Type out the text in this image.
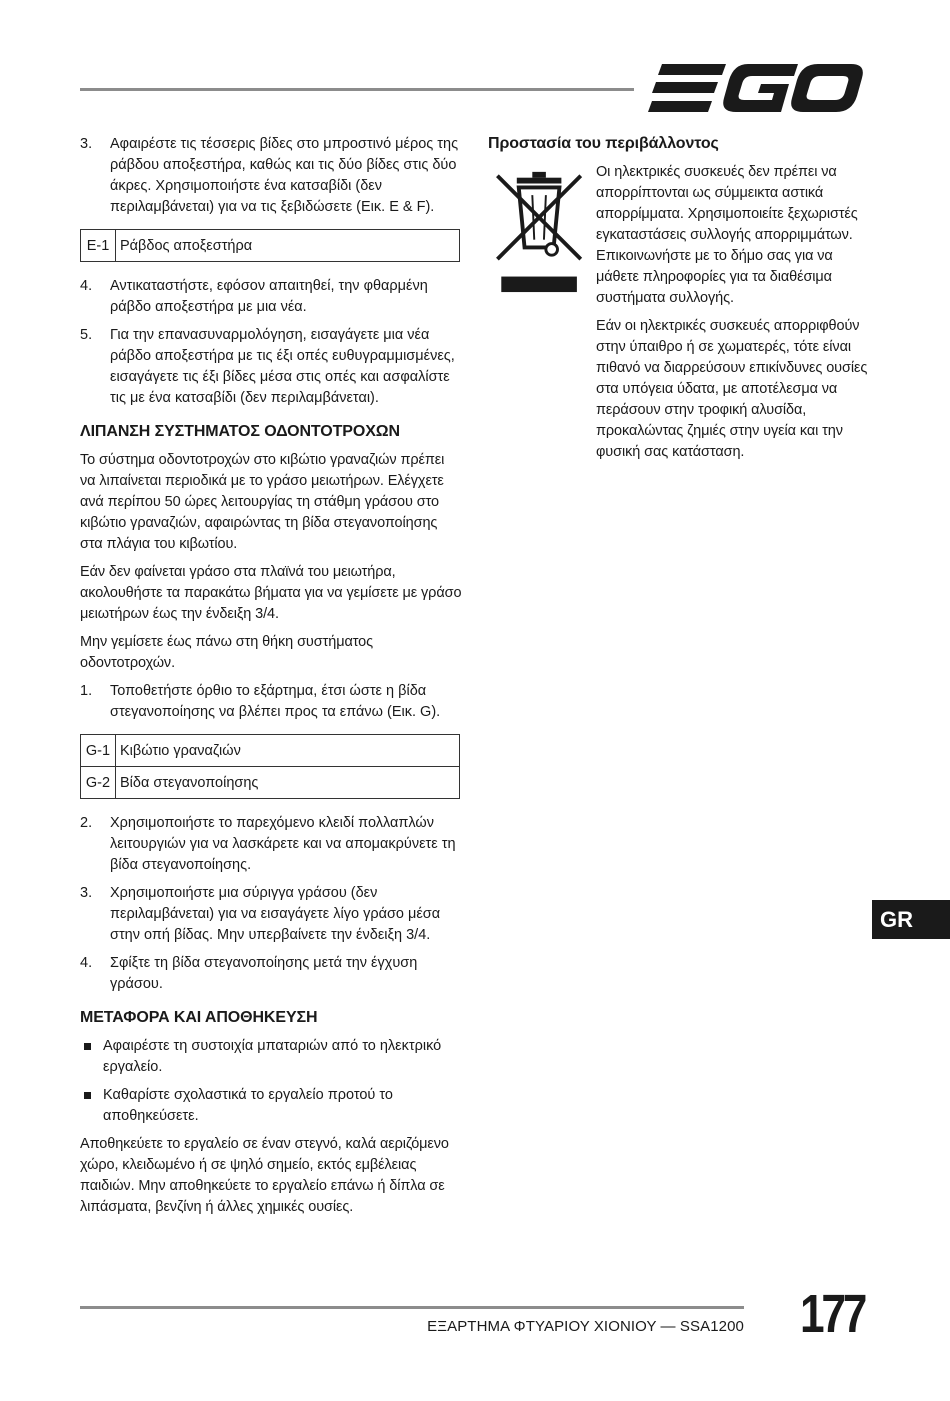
3.	Αφαιρέστε τις τέσσερις βίδες στο μπροστινό μέρος της ράβδου αποξεστήρα, καθώς και τις δύο βίδες στις δύο άκρες. Χρησιμοποιήστε ένα κατσαβίδι (δεν περιλαμβάνεται) για να τις ξεβιδώσετε (Εικ. E & F).
E-1	Ράβδος αποξεστήρα
4.	Αντικαταστήστε, εφόσον απαιτηθεί, την φθαρμένη ράβδο αποξεστήρα με μια νέα.
5.	Για την επανασυναρμολόγηση, εισαγάγετε μια νέα ράβδο αποξεστήρα με τις έξι οπές ευθυγραμμισμένες, εισαγάγετε τις έξι βίδες μέσα στις οπές και ασφαλίστε τις με ένα κατσαβίδι (δεν περιλαμβάνεται).
ΛΙΠΑΝΣΗ ΣΥΣΤΗΜΑΤΟΣ ΟΔΟΝΤΟΤΡΟΧΩΝ

Το σύστημα οδοντοτροχών στο κιβώτιο γραναζιών πρέπει να λιπαίνεται περιοδικά με το γράσο μειωτήρων. Ελέγχετε ανά περίπου 50 ώρες λειτουργίας τη στάθμη γράσου στο κιβώτιο γραναζιών, αφαιρώντας τη βίδα στεγανοποίησης στα πλάγια του κιβωτίου.

Εάν δεν φαίνεται γράσο στα πλαϊνά του μειωτήρα, ακολουθήστε τα παρακάτω βήματα για να γεμίσετε με γράσο μειωτήρων έως την ένδειξη 3/4.

Μην γεμίσετε έως πάνω στη θήκη συστήματος οδοντοτροχών.

1.	Τοποθετήστε όρθιο το εξάρτημα, έτσι ώστε η βίδα στεγανοποίησης να βλέπει προς τα επάνω (Εικ. G).
G-1	Κιβώτιο γραναζιών
G-2	Βίδα στεγανοποίησης
2.	Χρησιμοποιήστε το παρεχόμενο κλειδί πολλαπλών λειτουργιών για να λασκάρετε και να απομακρύνετε τη βίδα στεγανοποίησης.
3.	Χρησιμοποιήστε μια σύριγγα γράσου (δεν περιλαμβάνεται) για να εισαγάγετε λίγο γράσο μέσα στην οπή βίδας. Μην υπερβαίνετε την ένδειξη 3/4.
4.	Σφίξτε τη βίδα στεγανοποίησης μετά την έγχυση γράσου.
ΜΕΤΑΦΟΡΑ ΚΑΙ ΑΠΟΘΗΚΕΥΣΗ
Αφαιρέστε τη συστοιχία μπαταριών από το ηλεκτρικό εργαλείο.
Καθαρίστε σχολαστικά το εργαλείο προτού το αποθηκεύσετε.

Αποθηκεύετε το εργαλείο σε έναν στεγνό, καλά αεριζόμενο χώρο, κλειδωμένο ή σε ψηλό σημείο, εκτός εμβέλειας παιδιών. Μην αποθηκεύετε το εργαλείο επάνω ή δίπλα σε λιπάσματα, βενζίνη ή άλλες χημικές ουσίες.

Προστασία του περιβάλλοντος

Οι ηλεκτρικές συσκευές δεν πρέπει να απορρίπτονται ως σύμμεικτα αστικά απορρίμματα. Χρησιμοποιείτε ξεχωριστές εγκαταστάσεις συλλογής απορριμμάτων. Επικοινωνήστε με το δήμο σας για να μάθετε πληροφορίες για τα διαθέσιμα συστήματα συλλογής.

Εάν οι ηλεκτρικές συσκευές απορριφθούν στην ύπαιθρο ή σε χωματερές, τότε είναι πιθανό να διαρρεύσουν επικίνδυνες ουσίες στα υπόγεια ύδατα, με αποτέλεσμα να περάσουν στην τροφική αλυσίδα, προκαλώντας ζημιές στην υγεία και την φυσική σας κατάσταση.

GR
ΕΞΑΡΤΗΜΑ ΦΤΥΑΡΙΟΥ ΧΙΟΝΙΟΥ — SSA1200 177
